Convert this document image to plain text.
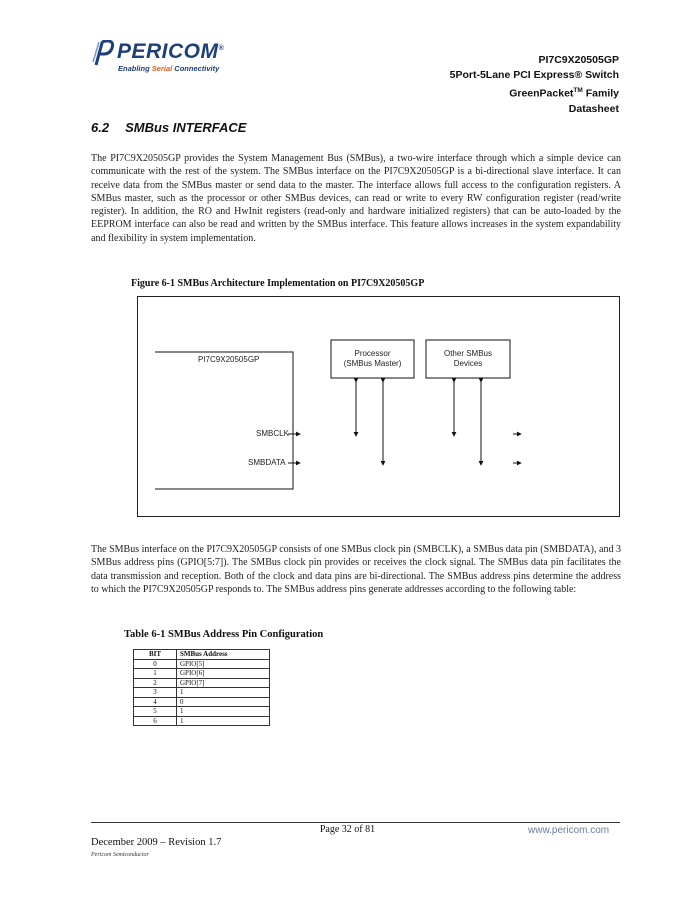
PERICOM®
Enabling Serial Connectivity
PI7C9X20505GP
5Port-5Lane PCI Express® Switch
GreenPacket™ Family
Datasheet
6.2 SMBus INTERFACE
The PI7C9X20505GP provides the System Management Bus (SMBus), a two-wire interface through which a simple device can communicate with the rest of the system. The SMBus interface on the PI7C9X20505GP is a bi-directional slave interface. It can receive data from the SMBus master or send data to the master. The interface allows full access to the configuration registers. A SMBus master, such as the processor or other SMBus devices, can read or write to every RW configuration register (read/write register). In addition, the RO and HwInit registers (read-only and hardware initialized registers) that can be auto-loaded by the EEPROM interface can also be read and written by the SMBus interface. This feature allows increases in the system expandability and flexibility in system implementation.
Figure 6-1 SMBus Architecture Implementation on PI7C9X20505GP
PI7C9X20505GP
Processor
(SMBus Master)
Other SMBus
Devices
SMBCLK
SMBDATA
The SMBus interface on the PI7C9X20505GP consists of one SMBus clock pin (SMBCLK), a SMBus data pin (SMBDATA), and 3 SMBus address pins (GPIO[5:7]). The SMBus clock pin provides or receives the clock signal. The SMBus data pin facilitates the data transmission and reception. Both of the clock and data pins are bi-directional. The SMBus address pins determine the address to which the PI7C9X20505GP responds to. The SMBus address pins generate addresses according to the following table:
Table 6-1 SMBus Address Pin Configuration
BIT	SMBus Address
0	GPIO[5]
1	GPIO[6]
2	GPIO[7]
3	1
4	0
5	1
6	1
Page 32 of 81	www.pericom.com
December 2009 – Revision 1.7
Pericom Semiconductor
